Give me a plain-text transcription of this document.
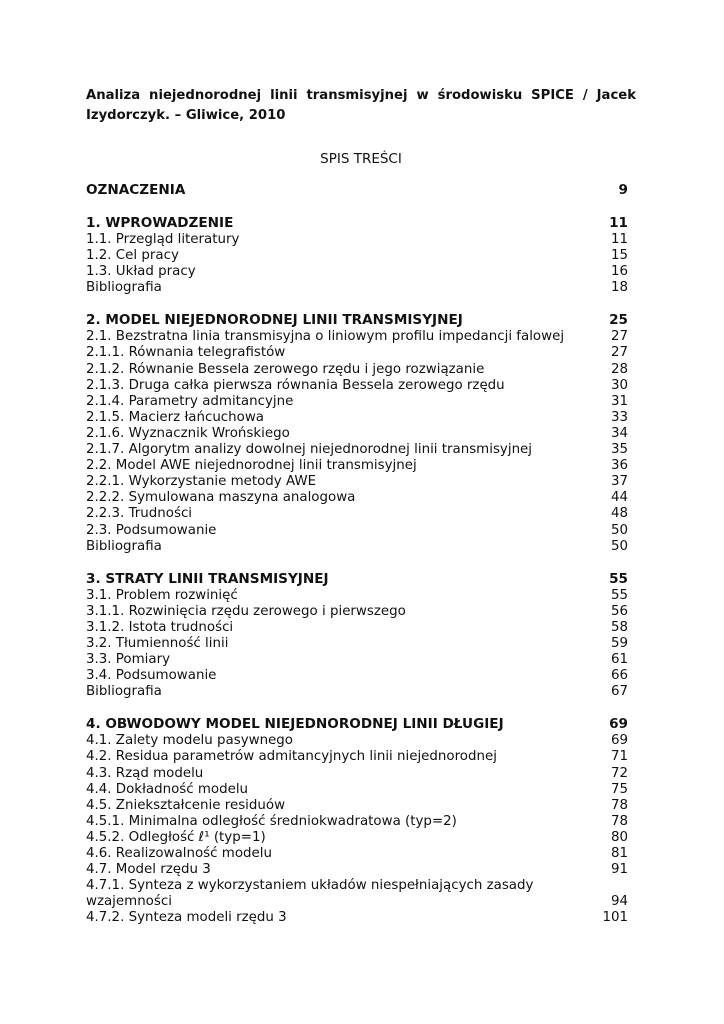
Analiza niejednorodnej linii transmisyjnej w środowisku SPICE / Jacek Izydorczyk. – Gliwice, 2010
SPIS TREŚCI
OZNACZENIA	9
1. WPROWADZENIE	11
1.1. Przegląd literatury	11
1.2. Cel pracy	15
1.3. Układ pracy	16
Bibliografia	18
2. MODEL NIEJEDNORODNEJ LINII TRANSMISYJNEJ	25
2.1. Bezstratna linia transmisyjna o liniowym profilu impedancji falowej	27
2.1.1. Równania telegrafistów	27
2.1.2. Równanie Bessela zerowego rzędu i jego rozwiązanie	28
2.1.3. Druga całka pierwsza równania Bessela zerowego rzędu	30
2.1.4. Parametry admitancyjne	31
2.1.5. Macierz łańcuchowa	33
2.1.6. Wyznacznik Wrońskiego	34
2.1.7. Algorytm analizy dowolnej niejednorodnej linii transmisyjnej	35
2.2. Model AWE niejednorodnej linii transmisyjnej	36
2.2.1. Wykorzystanie metody AWE	37
2.2.2. Symulowana maszyna analogowa	44
2.2.3. Trudności	48
2.3. Podsumowanie	50
Bibliografia	50
3. STRATY LINII TRANSMISYJNEJ	55
3.1. Problem rozwinięć	55
3.1.1. Rozwinięcia rzędu zerowego i pierwszego	56
3.1.2. Istota trudności	58
3.2. Tłumienność linii	59
3.3. Pomiary	61
3.4. Podsumowanie	66
Bibliografia	67
4. OBWODOWY MODEL NIEJEDNORODNEJ LINII DŁUGIEJ	69
4.1. Zalety modelu pasywnego	69
4.2. Residua parametrów admitancyjnych linii niejednorodnej	71
4.3. Rząd modelu	72
4.4. Dokładność modelu	75
4.5. Zniekształcenie residuów	78
4.5.1. Minimalna odległość średniokwadratowa (typ=2)	78
4.5.2. Odległość ℓ¹ (typ=1)	80
4.6. Realizowalność modelu	81
4.7. Model rzędu 3	91
4.7.1. Synteza z wykorzystaniem układów niespełniających zasady wzajemności	94
4.7.2. Synteza modeli rzędu 3	101
